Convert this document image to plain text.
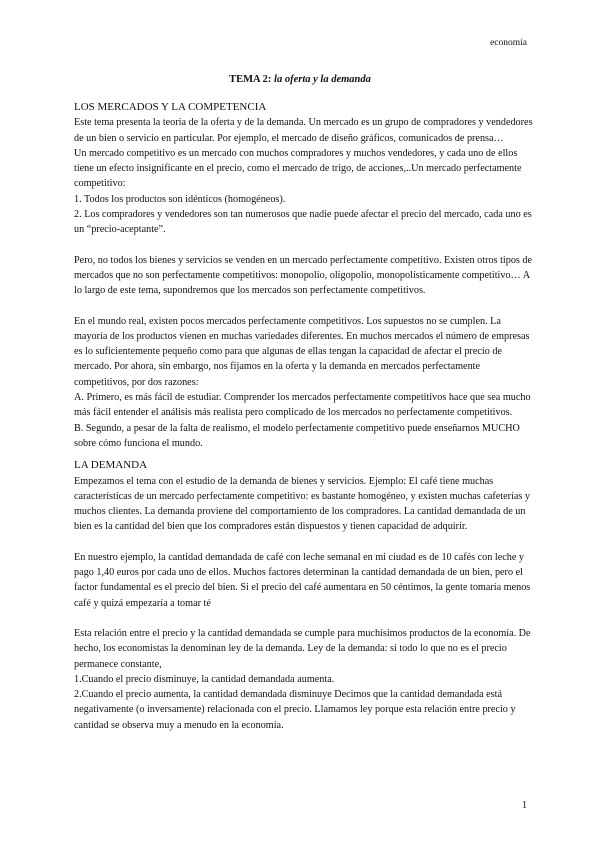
economía
TEMA 2: la oferta y la demanda

LOS MERCADOS Y LA COMPETENCIA

Este tema presenta la teoría de la oferta y de la demanda. Un mercado es un grupo de compradores y vendedores de un bien o servicio en particular. Por ejemplo, el mercado de diseño gráficos, comunicados de prensa…

Un mercado competitivo es un mercado con muchos compradores y muchos vendedores, y cada uno de ellos tiene un efecto insignificante en el precio, como el mercado de trigo, de acciones,..Un mercado perfectamente competitivo:

1. Todos los productos son idénticos (homogéneos).

2. Los compradores y vendedores son tan numerosos que nadie puede afectar el precio del mercado, cada uno es un “precio-aceptante”.

Pero, no todos los bienes y servicios se venden en un mercado perfectamente competitivo. Existen otros tipos de mercados que no son perfectamente competitivos: monopolio, oligopolio, monopolísticamente competitivo… A lo largo de este tema, supondremos que los mercados son perfectamente competitivos.

En el mundo real, existen pocos mercados perfectamente competitivos. Los supuestos no se cumplen. La mayoría de los productos vienen en muchas variedades diferentes. En muchos mercados el número de empresas es lo suficientemente pequeño como para que algunas de ellas tengan la capacidad de afectar el precio de mercado. Por ahora, sin embargo, nos fijamos en la oferta y la demanda en mercados perfectamente competitivos, por dos razones:

A. Primero, es más fácil de estudiar. Comprender los mercados perfectamente competitivos hace que sea mucho más fácil entender el análisis más realista pero complicado de los mercados no perfectamente competitivos.

B. Segundo, a pesar de la falta de realismo, el modelo perfectamente competitivo puede enseñarnos MUCHO sobre cómo funciona el mundo.

LA DEMANDA

Empezamos el tema con el estudio de la demanda de bienes y servicios. Ejemplo: El café tiene muchas características de un mercado perfectamente competitivo: es bastante homogéneo, y existen muchas cafeterías y muchos clientes. La demanda proviene del comportamiento de los compradores. La cantidad demandada de un bien es la cantidad del bien que los compradores están dispuestos y tienen capacidad de adquirir.

En nuestro ejemplo, la cantidad demandada de café con leche semanal en mi ciudad es de 10 cafés con leche y pago 1,40 euros por cada uno de ellos. Muchos factores determinan la cantidad demandada de un bien, pero el factor fundamental es el precio del bien. Si el precio del café aumentara en 50 céntimos, la gente tomaría menos café y quizá empezaría a tomar té

Esta relación entre el precio y la cantidad demandada se cumple para muchísimos productos de la economía. De hecho, los economistas la denominan ley de la demanda. Ley de la demanda: si todo lo que no es el precio permanece constante,

1.Cuando el precio disminuye, la cantidad demandada aumenta.

2.Cuando el precio aumenta, la cantidad demandada disminuye Decimos que la cantidad demandada está negativamente (o inversamente) relacionada con el precio. Llamamos ley porque esta relación entre precio y cantidad se observa muy a menudo en la economía.

1
